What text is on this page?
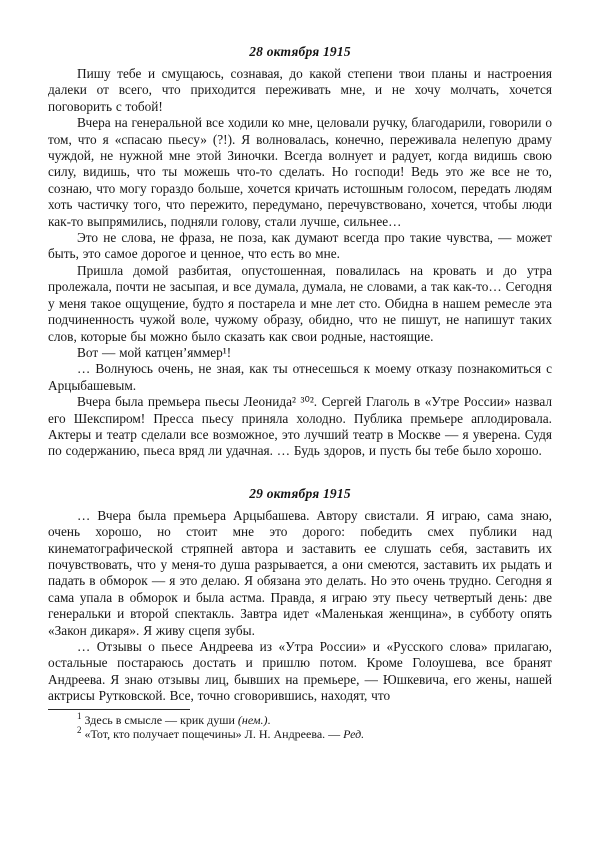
28 октября 1915

Пишу тебе и смущаюсь, сознавая, до какой степени твои планы и настроения далеки от всего, что приходится переживать мне, и не хочу молчать, хочется поговорить с тобой!

Вчера на генеральной все ходили ко мне, целовали ручку, благодарили, говорили о том, что я «спасаю пьесу» (?!). Я волновалась, конечно, переживала нелепую драму чуждой, не нужной мне этой Зиночки. Всегда волнует и радует, когда видишь свою силу, видишь, что ты можешь что-то сделать. Но господи! Ведь это же все не то, сознаю, что могу гораздо больше, хочется кричать истошным голосом, передать людям хоть частичку того, что пережито, передумано, перечувствовано, хочется, чтобы люди как-то выпрямились, подняли голову, стали лучше, сильнее…

Это не слова, не фраза, не поза, как думают всегда про такие чувства, — может быть, это самое дорогое и ценное, что есть во мне.

Пришла домой разбитая, опустошенная, повалилась на кровать и до утра пролежала, почти не засыпая, и все думала, думала, не словами, а так как-то… Сегодня у меня такое ощущение, будто я постарела и мне лет сто. Обидна в нашем ремесле эта подчиненность чужой воле, чужому образу, обидно, что не пишут, не напишут таких слов, которые бы можно было сказать как свои родные, настоящие.

Вот — мой катцен’яммер¹!

… Волнуюсь очень, не зная, как ты отнесешься к моему отказу познакомиться с Арцыбашевым.

Вчера была премьера пьесы Леонида² ³⁰². Сергей Глаголь в «Утре России» назвал его Шекспиром! Пресса пьесу приняла холодно. Публика премьере аплодировала. Актеры и театр сделали все возможное, это лучший театр в Москве — я уверена. Судя по содержанию, пьеса вряд ли удачная. … Будь здоров, и пусть бы тебе было хорошо.

29 октября 1915

… Вчера была премьера Арцыбашева. Автору свистали. Я играю, сама знаю, очень хорошо, но стоит мне это дорого: победить смех публики над кинематографической стряпней автора и заставить ее слушать себя, заставить их почувствовать, что у меня-то душа разрывается, а они смеются, заставить их рыдать и падать в обморок — я это делаю. Я обязана это делать. Но это очень трудно. Сегодня я сама упала в обморок и была астма. Правда, я играю эту пьесу четвертый день: две генеральки и второй спектакль. Завтра идет «Маленькая женщина», в субботу опять «Закон дикаря». Я живу сцепя зубы.

… Отзывы о пьесе Андреева из «Утра России» и «Русского слова» прилагаю, остальные постараюсь достать и пришлю потом. Кроме Голоушева, все бранят Андреева. Я знаю отзывы лиц, бывших на премьере, — Юшкевича, его жены, нашей актрисы Рутковской. Все, точно сговорившись, находят, что

$^1$ Здесь в смысле — крик души (нем.).

$^2$ «Тот, кто получает пощечины» Л. Н. Андреева. — Ред.
